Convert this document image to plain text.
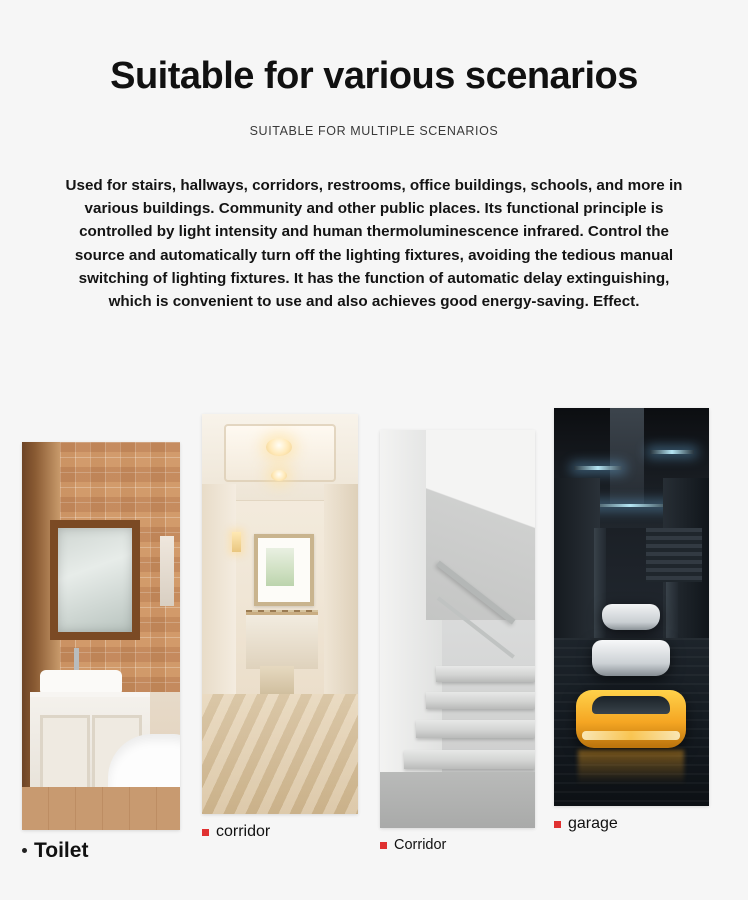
Suitable for various scenarios
SUITABLE FOR MULTIPLE SCENARIOS

Used for stairs, hallways, corridors, restrooms, office buildings, schools, and more in various buildings. Community and other public places. Its functional principle is controlled by light intensity and human thermoluminescence infrared. Control the source and automatically turn off the lighting fixtures, avoiding the tedious manual switching of lighting fixtures. It has the function of automatic delay extinguishing, which is convenient to use and also achieves good energy-saving. Effect.

Toilet
corridor
Corridor
garage
